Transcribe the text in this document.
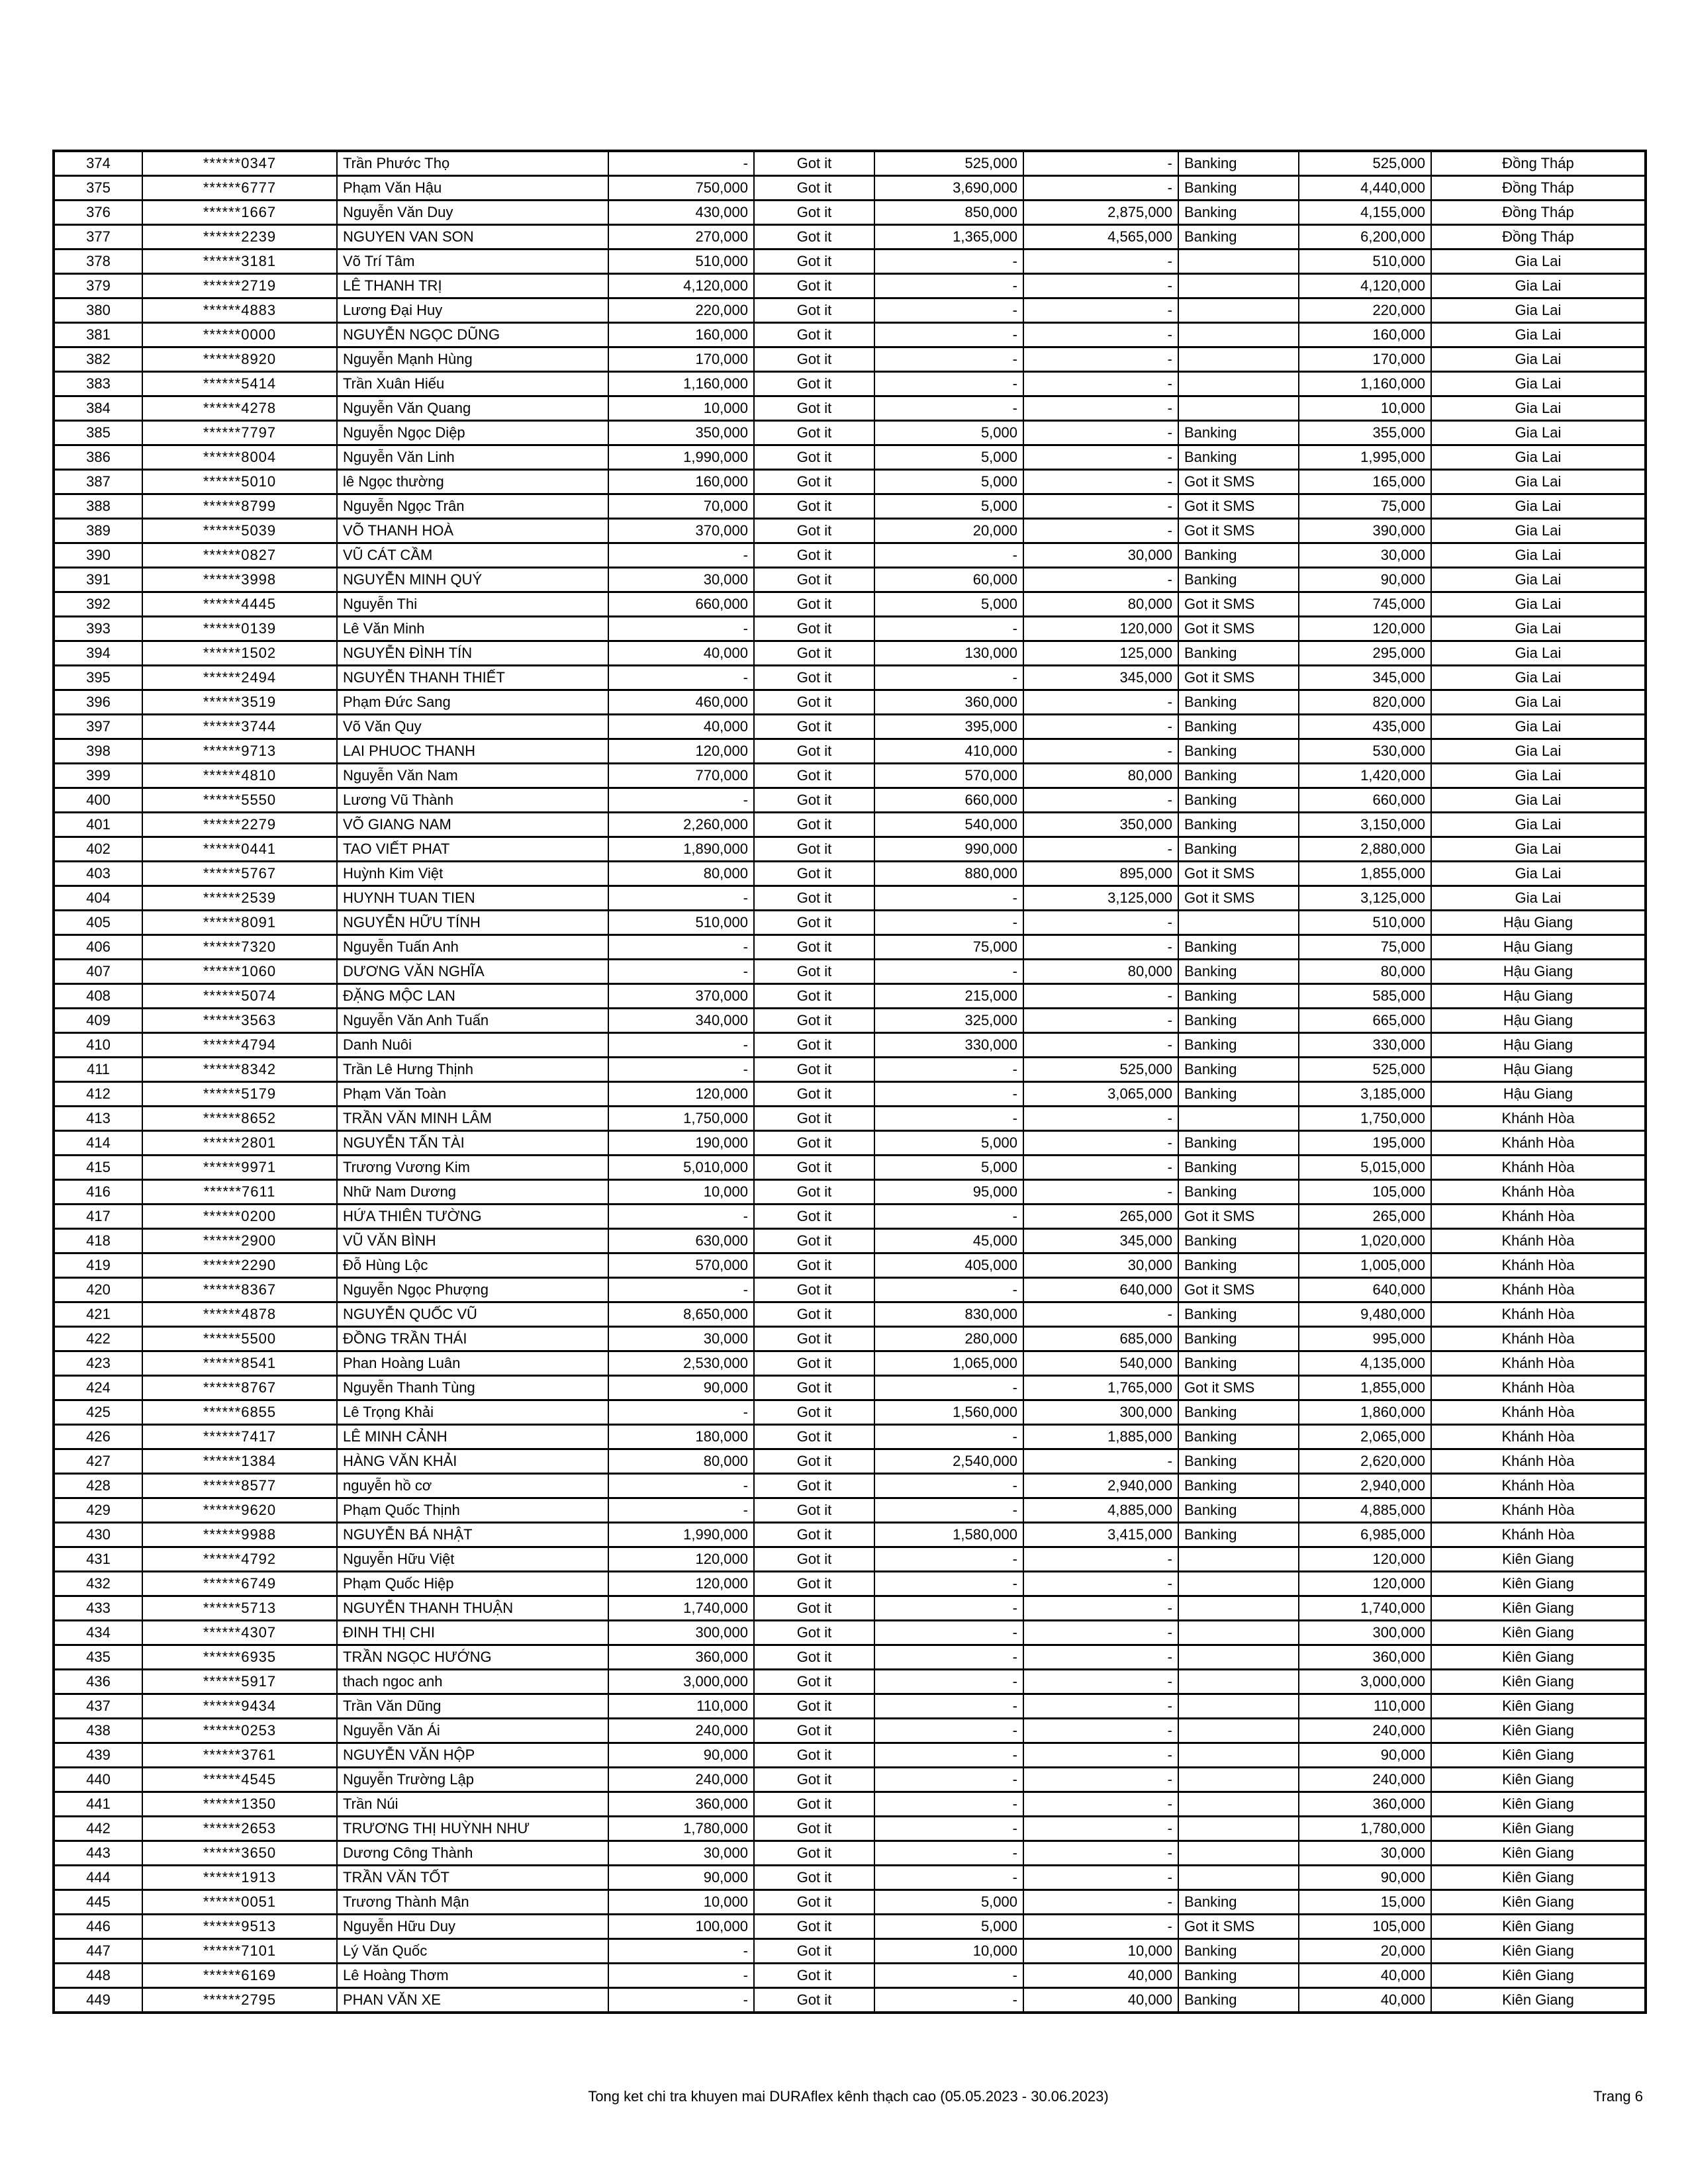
374	******0347	Trần Phước Thọ	-	Got it	525,000	-	Banking	525,000	Đồng Tháp
375	******6777	Phạm Văn Hậu	750,000	Got it	3,690,000	-	Banking	4,440,000	Đồng Tháp
376	******1667	Nguyễn Văn Duy	430,000	Got it	850,000	2,875,000	Banking	4,155,000	Đồng Tháp
377	******2239	NGUYEN VAN SON	270,000	Got it	1,365,000	4,565,000	Banking	6,200,000	Đồng Tháp
378	******3181	Võ Trí Tâm	510,000	Got it	-	-		510,000	Gia Lai
379	******2719	LÊ THANH TRỊ	4,120,000	Got it	-	-		4,120,000	Gia Lai
380	******4883	Lương Đại Huy	220,000	Got it	-	-		220,000	Gia Lai
381	******0000	NGUYỄN NGỌC DŨNG	160,000	Got it	-	-		160,000	Gia Lai
382	******8920	Nguyễn Mạnh Hùng	170,000	Got it	-	-		170,000	Gia Lai
383	******5414	Trần Xuân Hiếu	1,160,000	Got it	-	-		1,160,000	Gia Lai
384	******4278	Nguyễn Văn Quang	10,000	Got it	-	-		10,000	Gia Lai
385	******7797	Nguyễn Ngọc Diệp	350,000	Got it	5,000	-	Banking	355,000	Gia Lai
386	******8004	Nguyễn Văn Linh	1,990,000	Got it	5,000	-	Banking	1,995,000	Gia Lai
387	******5010	lê Ngọc thường	160,000	Got it	5,000	-	Got it SMS	165,000	Gia Lai
388	******8799	Nguyễn Ngọc Trân	70,000	Got it	5,000	-	Got it SMS	75,000	Gia Lai
389	******5039	VÕ THANH HOÀ	370,000	Got it	20,000	-	Got it SMS	390,000	Gia Lai
390	******0827	VŨ CÁT CẦM	-	Got it	-	30,000	Banking	30,000	Gia Lai
391	******3998	NGUYỄN MINH QUÝ	30,000	Got it	60,000	-	Banking	90,000	Gia Lai
392	******4445	Nguyễn Thi	660,000	Got it	5,000	80,000	Got it SMS	745,000	Gia Lai
393	******0139	Lê Văn Minh	-	Got it	-	120,000	Got it SMS	120,000	Gia Lai
394	******1502	NGUYỄN ĐÌNH TÍN	40,000	Got it	130,000	125,000	Banking	295,000	Gia Lai
395	******2494	NGUYỄN THANH THIẾT	-	Got it	-	345,000	Got it SMS	345,000	Gia Lai
396	******3519	Phạm Đức Sang	460,000	Got it	360,000	-	Banking	820,000	Gia Lai
397	******3744	Võ Văn Quy	40,000	Got it	395,000	-	Banking	435,000	Gia Lai
398	******9713	LAI PHUOC THANH	120,000	Got it	410,000	-	Banking	530,000	Gia Lai
399	******4810	Nguyễn Văn Nam	770,000	Got it	570,000	80,000	Banking	1,420,000	Gia Lai
400	******5550	Lương Vũ Thành	-	Got it	660,000	-	Banking	660,000	Gia Lai
401	******2279	VÕ GIANG NAM	2,260,000	Got it	540,000	350,000	Banking	3,150,000	Gia Lai
402	******0441	TAO VIẾT PHAT	1,890,000	Got it	990,000	-	Banking	2,880,000	Gia Lai
403	******5767	Huỳnh Kim Việt	80,000	Got it	880,000	895,000	Got it SMS	1,855,000	Gia Lai
404	******2539	HUYNH TUAN TIEN	-	Got it	-	3,125,000	Got it SMS	3,125,000	Gia Lai
405	******8091	NGUYỄN HỮU TÍNH	510,000	Got it	-	-		510,000	Hậu Giang
406	******7320	Nguyễn Tuấn Anh	-	Got it	75,000	-	Banking	75,000	Hậu Giang
407	******1060	DƯƠNG VĂN NGHĨA	-	Got it	-	80,000	Banking	80,000	Hậu Giang
408	******5074	ĐẶNG MỘC LAN	370,000	Got it	215,000	-	Banking	585,000	Hậu Giang
409	******3563	Nguyễn Văn Anh Tuấn	340,000	Got it	325,000	-	Banking	665,000	Hậu Giang
410	******4794	Danh Nuôi	-	Got it	330,000	-	Banking	330,000	Hậu Giang
411	******8342	Trần Lê Hưng Thịnh	-	Got it	-	525,000	Banking	525,000	Hậu Giang
412	******5179	Phạm Văn Toàn	120,000	Got it	-	3,065,000	Banking	3,185,000	Hậu Giang
413	******8652	TRẦN VĂN MINH LÂM	1,750,000	Got it	-	-		1,750,000	Khánh Hòa
414	******2801	NGUYỄN TẤN TÀI	190,000	Got it	5,000	-	Banking	195,000	Khánh Hòa
415	******9971	Trương Vương Kim	5,010,000	Got it	5,000	-	Banking	5,015,000	Khánh Hòa
416	******7611	Nhữ Nam Dương	10,000	Got it	95,000	-	Banking	105,000	Khánh Hòa
417	******0200	HỨA THIÊN TƯỜNG	-	Got it	-	265,000	Got it SMS	265,000	Khánh Hòa
418	******2900	VŨ VĂN BÌNH	630,000	Got it	45,000	345,000	Banking	1,020,000	Khánh Hòa
419	******2290	Đỗ Hùng Lộc	570,000	Got it	405,000	30,000	Banking	1,005,000	Khánh Hòa
420	******8367	Nguyễn Ngọc Phượng	-	Got it	-	640,000	Got it SMS	640,000	Khánh Hòa
421	******4878	NGUYỄN QUỐC VŨ	8,650,000	Got it	830,000	-	Banking	9,480,000	Khánh Hòa
422	******5500	ĐỒNG TRẦN THÁI	30,000	Got it	280,000	685,000	Banking	995,000	Khánh Hòa
423	******8541	Phan Hoàng Luân	2,530,000	Got it	1,065,000	540,000	Banking	4,135,000	Khánh Hòa
424	******8767	Nguyễn Thanh Tùng	90,000	Got it	-	1,765,000	Got it SMS	1,855,000	Khánh Hòa
425	******6855	Lê Trọng Khải	-	Got it	1,560,000	300,000	Banking	1,860,000	Khánh Hòa
426	******7417	LÊ MINH CẢNH	180,000	Got it	-	1,885,000	Banking	2,065,000	Khánh Hòa
427	******1384	HÀNG VĂN KHẢI	80,000	Got it	2,540,000	-	Banking	2,620,000	Khánh Hòa
428	******8577	nguyễn hồ cơ	-	Got it	-	2,940,000	Banking	2,940,000	Khánh Hòa
429	******9620	Phạm Quốc Thịnh	-	Got it	-	4,885,000	Banking	4,885,000	Khánh Hòa
430	******9988	NGUYỄN BÁ NHẬT	1,990,000	Got it	1,580,000	3,415,000	Banking	6,985,000	Khánh Hòa
431	******4792	Nguyễn Hữu Việt	120,000	Got it	-	-		120,000	Kiên Giang
432	******6749	Phạm Quốc Hiệp	120,000	Got it	-	-		120,000	Kiên Giang
433	******5713	NGUYỄN THANH THUẬN	1,740,000	Got it	-	-		1,740,000	Kiên Giang
434	******4307	ĐINH THỊ CHI	300,000	Got it	-	-		300,000	Kiên Giang
435	******6935	TRẦN NGỌC HƯỚNG	360,000	Got it	-	-		360,000	Kiên Giang
436	******5917	thach ngoc anh	3,000,000	Got it	-	-		3,000,000	Kiên Giang
437	******9434	Trần Văn Dũng	110,000	Got it	-	-		110,000	Kiên Giang
438	******0253	Nguyễn Văn Ái	240,000	Got it	-	-		240,000	Kiên Giang
439	******3761	NGUYỄN VĂN HỘP	90,000	Got it	-	-		90,000	Kiên Giang
440	******4545	Nguyễn Trường Lập	240,000	Got it	-	-		240,000	Kiên Giang
441	******1350	Trần Núi	360,000	Got it	-	-		360,000	Kiên Giang
442	******2653	TRƯƠNG THỊ HUỲNH NHƯ	1,780,000	Got it	-	-		1,780,000	Kiên Giang
443	******3650	Dương Công Thành	30,000	Got it	-	-		30,000	Kiên Giang
444	******1913	TRẦN VĂN TỐT	90,000	Got it	-	-		90,000	Kiên Giang
445	******0051	Trương Thành Mận	10,000	Got it	5,000	-	Banking	15,000	Kiên Giang
446	******9513	Nguyễn Hữu Duy	100,000	Got it	5,000	-	Got it SMS	105,000	Kiên Giang
447	******7101	Lý Văn Quốc	-	Got it	10,000	10,000	Banking	20,000	Kiên Giang
448	******6169	Lê Hoàng Thơm	-	Got it	-	40,000	Banking	40,000	Kiên Giang
449	******2795	PHAN VĂN XE	-	Got it	-	40,000	Banking	40,000	Kiên Giang
Tong ket chi tra khuyen mai DURAflex kênh thạch cao (05.05.2023 - 30.06.2023)	Trang 6
